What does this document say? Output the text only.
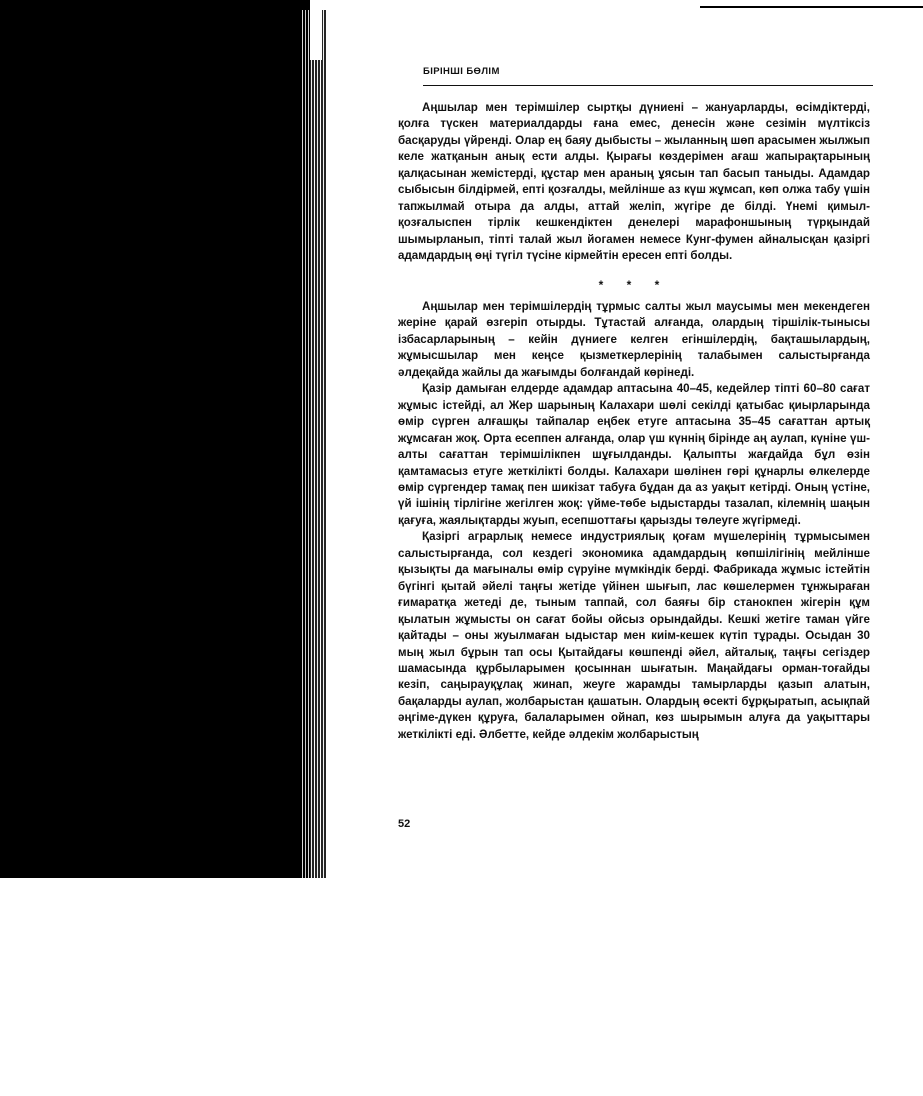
БІРІНШІ БӨЛІМ

Аңшылар мен терімшілер сыртқы дүниені – жануарларды, өсімдіктерді, қолға түскен материалдарды ғана емес, денесін және сезімін мүлтіксіз басқаруды үйренді. Олар ең баяу дыбысты – жыланның шөп арасымен жылжып келе жатқанын анық ести алды. Қырағы көздерімен ағаш жапырақтарының қалқасынан жемістерді, құстар мен араның ұясын тап басып таныды. Адамдар сыбысын білдірмей, епті қозғалды, мейлінше аз күш жұмсап, көп олжа табу үшін тапжылмай отыра да алды, аттай желіп, жүгіре де білді. Үнемі қимыл-қозғалыспен тірлік кешкендіктен денелері марафоншының түрқындай шымырланып, тіпті талай жыл йогамен немесе Кунг-фумен айналысқан қазіргі адамдардың өңі түгіл түсіне кірмейтін ересен епті болды.

* * *

Аңшылар мен терімшілердің тұрмыс салты жыл маусымы мен мекендеген жеріне қарай өзгеріп отырды. Тұтастай алғанда, олардың тіршілік-тынысы ізбасарларының – кейін дүниеге келген егіншілердің, бақташылардың, жұмысшылар мен кеңсе қызметкерлерінің талабымен салыстырғанда әлдеқайда жайлы да жағымды болғандай көрінеді.

Қазір дамыған елдерде адамдар аптасына 40–45, кедейлер тіпті 60–80 сағат жұмыс істейді, ал Жер шарының Калахари шөлі секілді қатыбас қиырларында өмір сүрген алғашқы тайпалар еңбек етуге аптасына 35–45 сағаттан артық жұмсаған жоқ. Орта есеппен алғанда, олар үш күннің бірінде аң аулап, күніне үш-алты сағаттан терімшілікпен шұғылданды. Қалыпты жағдайда бұл өзін қамтамасыз етуге жеткілікті болды. Калахари шөлінен гөрі құнарлы өлкелерде өмір сүргендер тамақ пен шикізат табуға бұдан да аз уақыт кетірді. Оның үстіне, үй ішінің тірлігіне жегілген жоқ: үйме-төбе ыдыстарды тазалап, кілемнің шаңын қағуға, жаялықтарды жуып, есепшоттағы қарызды төлеуге жүгірмеді.

Қазіргі аграрлық немесе индустриялық қоғам мүшелерінің тұрмысымен салыстырғанда, сол кездегі экономика адамдардың көпшілігінің мейлінше қызықты да мағыналы өмір сүруіне мүмкіндік берді. Фабрикада жұмыс істейтін бүгінгі қытай әйелі таңғы жетіде үйінен шығып, лас көшелермен тұнжыраған ғимаратқа жетеді де, тыным таппай, сол баяғы бір станокпен жігерін құм қылатын жұмысты он сағат бойы ойсыз орындайды. Кешкі жетіге таман үйге қайтады – оны жуылмаған ыдыстар мен киім-кешек күтіп тұрады. Осыдан 30 мың жыл бұрын тап осы Қытайдағы көшпенді әйел, айталық, таңғы сегіздер шамасында құрбыларымен қосыннан шығатын. Маңайдағы орман-тоғайды кезіп, саңырауқұлақ жинап, жеуге жарамды тамырларды қазып алатын, бақаларды аулап, жолбарыстан қашатын. Олардың өсекті бұрқыратып, асықпай әңгіме-дүкен құруға, балаларымен ойнап, көз шырымын алуға да уақыттары жеткілікті еді. Әлбетте, кейде әлдекім жолбарыстың

52
